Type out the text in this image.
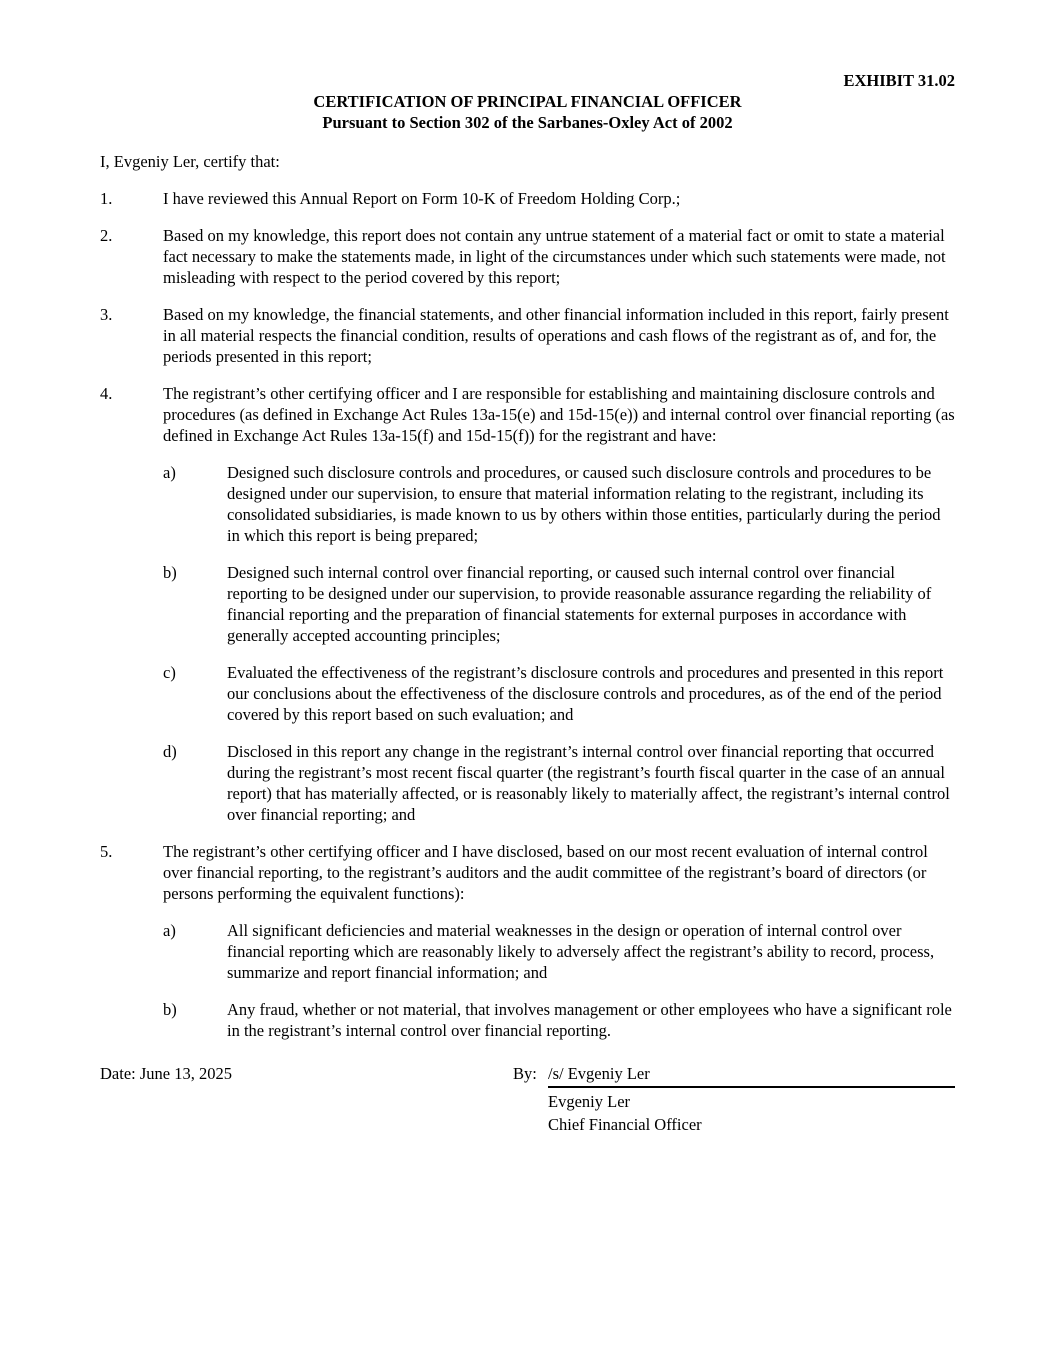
EXHIBIT 31.02
CERTIFICATION OF PRINCIPAL FINANCIAL OFFICER
Pursuant to Section 302 of the Sarbanes-Oxley Act of 2002
I, Evgeniy Ler, certify that:
1.	I have reviewed this Annual Report on Form 10-K of Freedom Holding Corp.;
2.	Based on my knowledge, this report does not contain any untrue statement of a material fact or omit to state a material fact necessary to make the statements made, in light of the circumstances under which such statements were made, not misleading with respect to the period covered by this report;
3.	Based on my knowledge, the financial statements, and other financial information included in this report, fairly present in all material respects the financial condition, results of operations and cash flows of the registrant as of, and for, the periods presented in this report;
4.	The registrant’s other certifying officer and I are responsible for establishing and maintaining disclosure controls and procedures (as defined in Exchange Act Rules 13a-15(e) and 15d-15(e)) and internal control over financial reporting (as defined in Exchange Act Rules 13a-15(f) and 15d-15(f)) for the registrant and have:
a)	Designed such disclosure controls and procedures, or caused such disclosure controls and procedures to be designed under our supervision, to ensure that material information relating to the registrant, including its consolidated subsidiaries, is made known to us by others within those entities, particularly during the period in which this report is being prepared;
b)	Designed such internal control over financial reporting, or caused such internal control over financial reporting to be designed under our supervision, to provide reasonable assurance regarding the reliability of financial reporting and the preparation of financial statements for external purposes in accordance with generally accepted accounting principles;
c)	Evaluated the effectiveness of the registrant’s disclosure controls and procedures and presented in this report our conclusions about the effectiveness of the disclosure controls and procedures, as of the end of the period covered by this report based on such evaluation; and
d)	Disclosed in this report any change in the registrant’s internal control over financial reporting that occurred during the registrant’s most recent fiscal quarter (the registrant’s fourth fiscal quarter in the case of an annual report) that has materially affected, or is reasonably likely to materially affect, the registrant’s internal control over financial reporting; and
5.	The registrant’s other certifying officer and I have disclosed, based on our most recent evaluation of internal control over financial reporting, to the registrant’s auditors and the audit committee of the registrant’s board of directors (or persons performing the equivalent functions):
a)	All significant deficiencies and material weaknesses in the design or operation of internal control over financial reporting which are reasonably likely to adversely affect the registrant’s ability to record, process, summarize and report financial information; and
b)	Any fraud, whether or not material, that involves management or other employees who have a significant role in the registrant’s internal control over financial reporting.
Date: June 13, 2025	By: /s/ Evgeniy Ler
Evgeniy Ler
Chief Financial Officer
